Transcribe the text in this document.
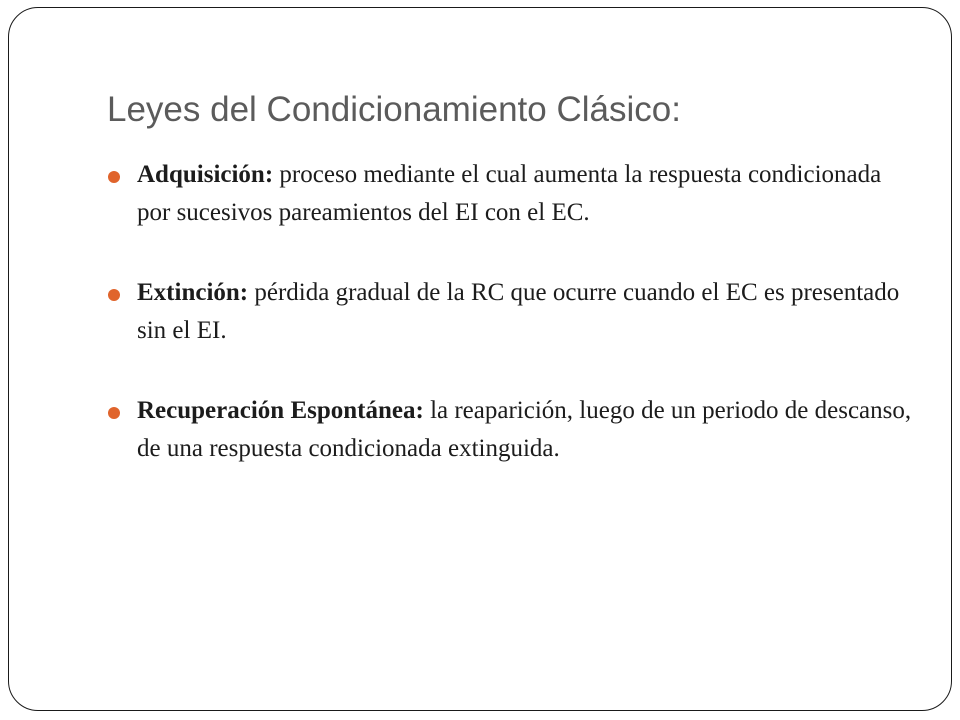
Leyes del Condicionamiento Clásico:
Adquisición: proceso mediante el cual aumenta la respuesta condicionada por sucesivos pareamientos del EI con el EC.
Extinción: pérdida gradual de la RC que ocurre cuando el EC es presentado sin el EI.
Recuperación Espontánea: la reaparición, luego de un periodo de descanso, de una respuesta condicionada extinguida.
